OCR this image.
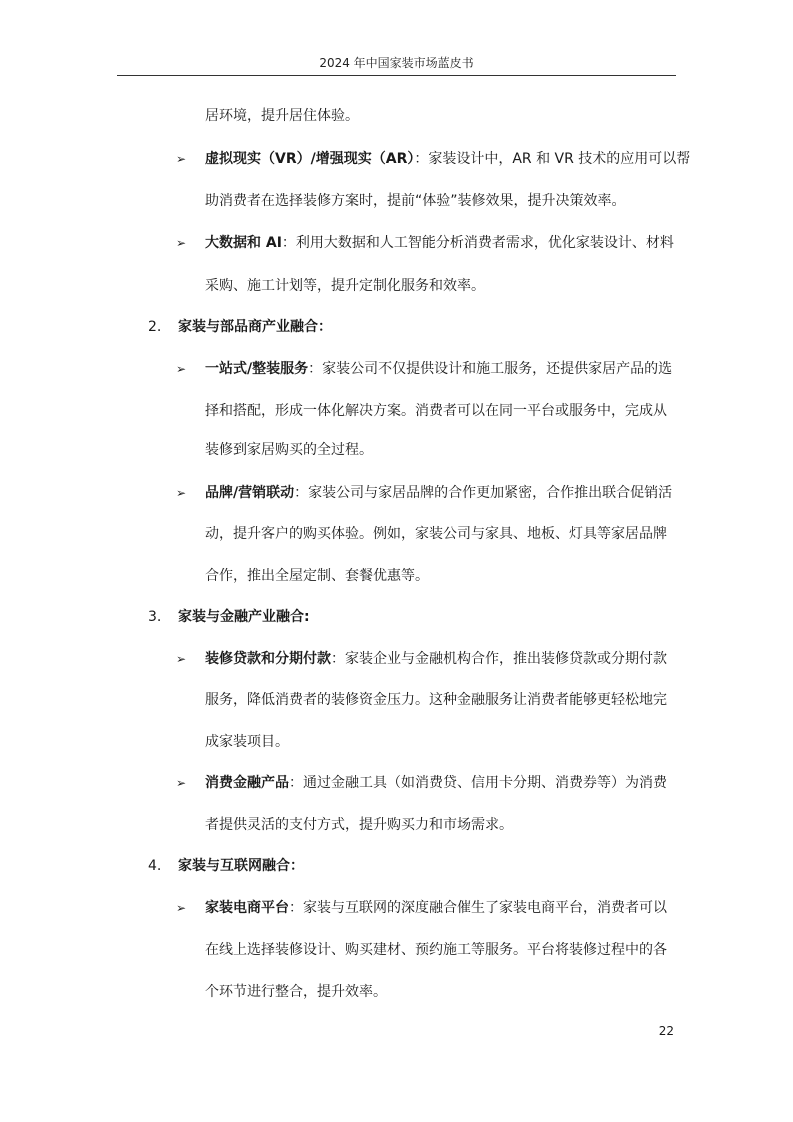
2024 年中国家装市场蓝皮书
居环境，提升居住体验。
➢ 虚拟现实（VR）/增强现实（AR）：家装设计中，AR 和 VR 技术的应用可以帮
助消费者在选择装修方案时，提前“体验”装修效果，提升决策效率。
➢ 大数据和 AI：利用大数据和人工智能分析消费者需求，优化家装设计、材料
采购、施工计划等，提升定制化服务和效率。
2. 家装与部品商产业融合：
➢ 一站式/整装服务：家装公司不仅提供设计和施工服务，还提供家居产品的选
择和搭配，形成一体化解决方案。消费者可以在同一平台或服务中，完成从
装修到家居购买的全过程。
➢ 品牌/营销联动：家装公司与家居品牌的合作更加紧密，合作推出联合促销活
动，提升客户的购买体验。例如，家装公司与家具、地板、灯具等家居品牌
合作，推出全屋定制、套餐优惠等。
3. 家装与金融产业融合:
➢ 装修贷款和分期付款：家装企业与金融机构合作，推出装修贷款或分期付款
服务，降低消费者的装修资金压力。这种金融服务让消费者能够更轻松地完
成家装项目。
➢ 消费金融产品：通过金融工具（如消费贷、信用卡分期、消费券等）为消费
者提供灵活的支付方式，提升购买力和市场需求。
4. 家装与互联网融合：
➢ 家装电商平台：家装与互联网的深度融合催生了家装电商平台，消费者可以
在线上选择装修设计、购买建材、预约施工等服务。平台将装修过程中的各
个环节进行整合，提升效率。
22
